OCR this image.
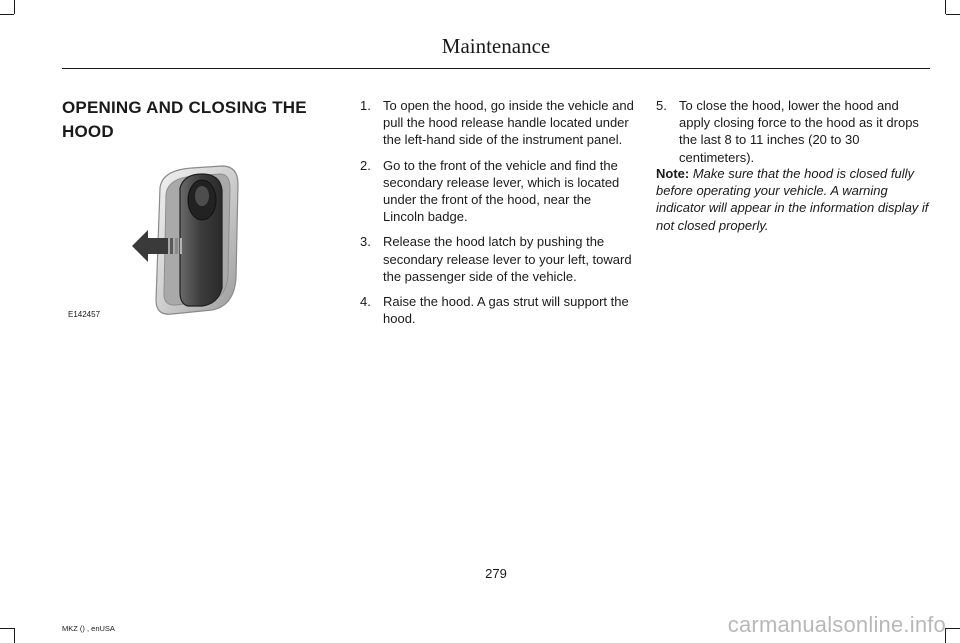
Maintenance
OPENING AND CLOSING THE HOOD
E142457
1. To open the hood, go inside the vehicle and pull the hood release handle located under the left-hand side of the instrument panel.
2. Go to the front of the vehicle and find the secondary release lever, which is located under the front of the hood, near the Lincoln badge.
3. Release the hood latch by pushing the secondary release lever to your left, toward the passenger side of the vehicle.
4. Raise the hood. A gas strut will support the hood.
5. To close the hood, lower the hood and apply closing force to the hood as it drops the last 8 to 11 inches (20 to 30 centimeters).
Note: Make sure that the hood is closed fully before operating your vehicle. A warning indicator will appear in the information display if not closed properly.
279
MKZ () , enUSA	carmanualsonline.info
